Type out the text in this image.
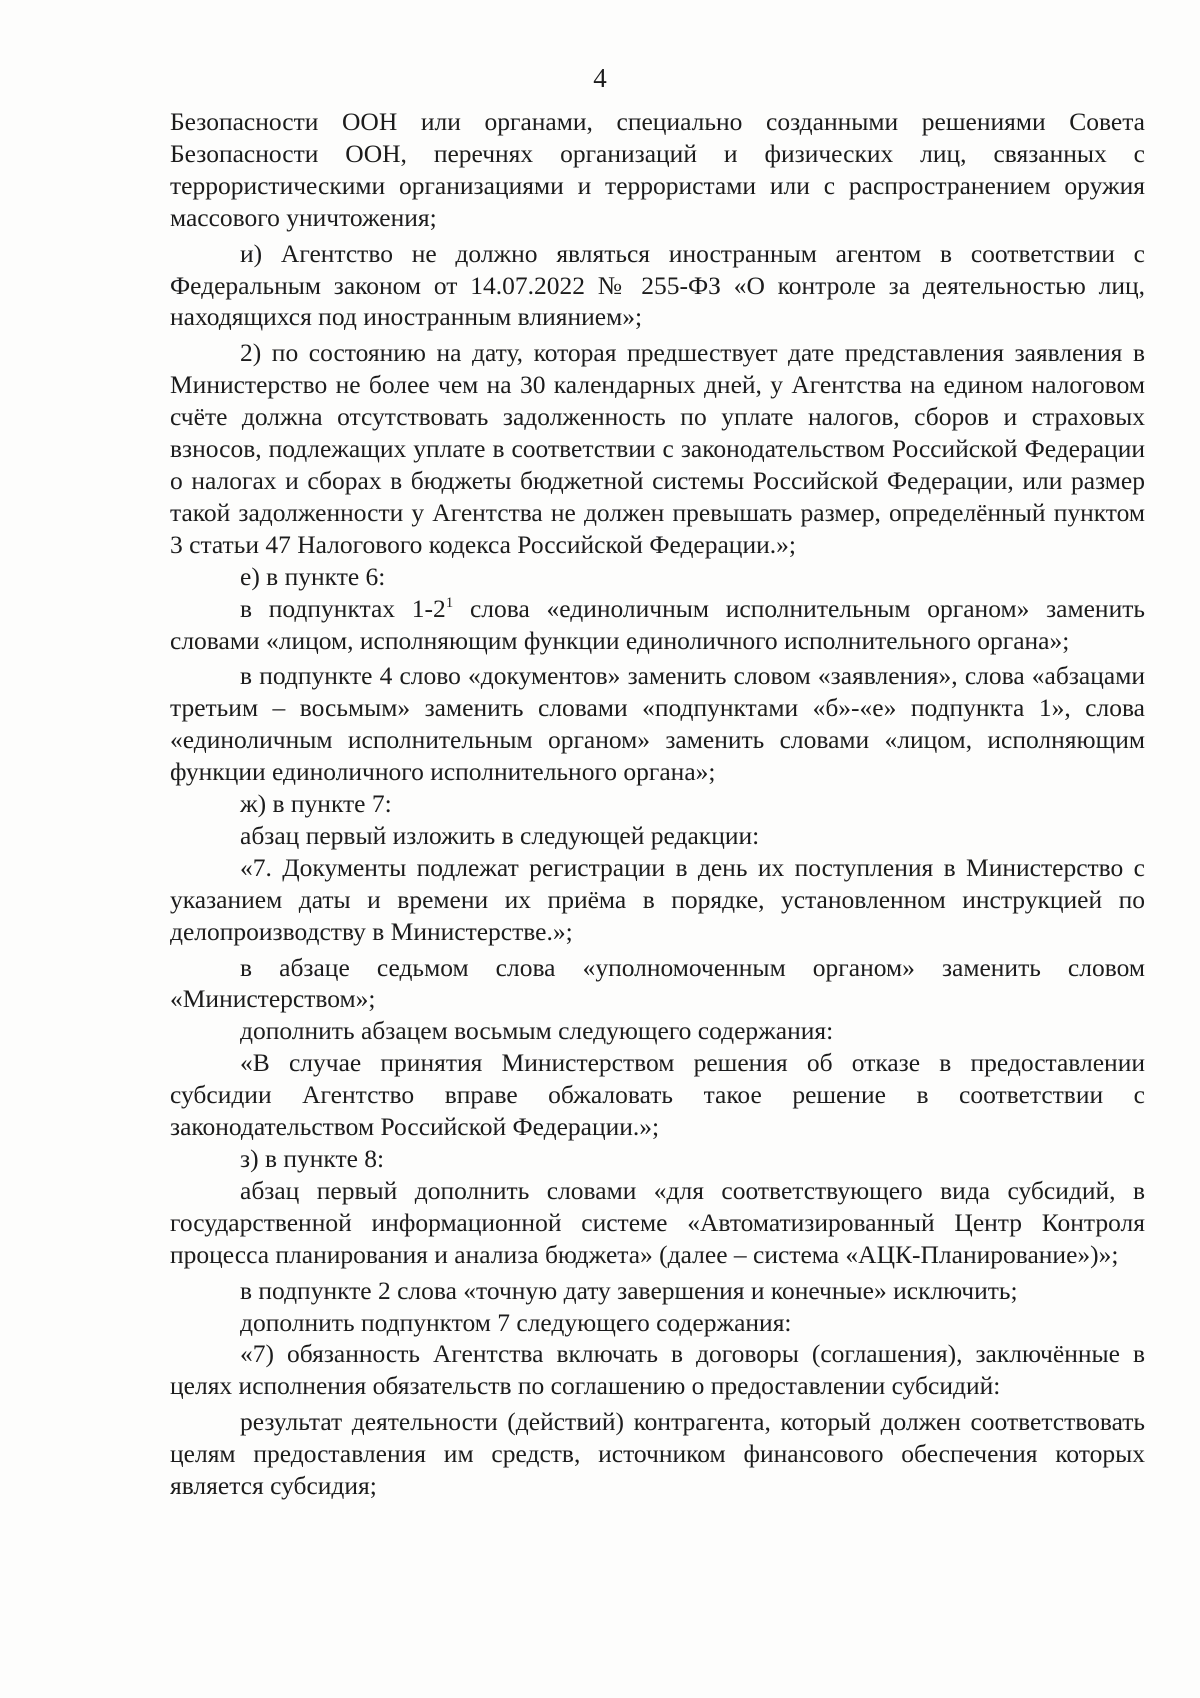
4

Безопасности ООН или органами, специально созданными решениями Совета Безопасности ООН, перечнях организаций и физических лиц, связанных с террористическими организациями и террористами или с распространением оружия массового уничтожения;

и) Агентство не должно являться иностранным агентом в соответствии с Федеральным законом от 14.07.2022 № 255-ФЗ «О контроле за деятельностью лиц, находящихся под иностранным влиянием»;

2) по состоянию на дату, которая предшествует дате представления заявления в Министерство не более чем на 30 календарных дней, у Агентства на едином налоговом счёте должна отсутствовать задолженность по уплате налогов, сборов и страховых взносов, подлежащих уплате в соответствии с законодательством Российской Федерации о налогах и сборах в бюджеты бюджетной системы Российской Федерации, или размер такой задолженности у Агентства не должен превышать размер, определённый пунктом 3 статьи 47 Налогового кодекса Российской Федерации.»;

е) в пункте 6:

в подпунктах $1-2^1$ слова «единоличным исполнительным органом» заменить словами «лицом, исполняющим функции единоличного исполнительного органа»;

в подпункте 4 слово «документов» заменить словом «заявления», слова «абзацами третьим – восьмым» заменить словами «подпунктами «б»-«е» подпункта 1», слова «единоличным исполнительным органом» заменить словами «лицом, исполняющим функции единоличного исполнительного органа»;

ж) в пункте 7:

абзац первый изложить в следующей редакции:

«7. Документы подлежат регистрации в день их поступления в Министерство с указанием даты и времени их приёма в порядке, установленном инструкцией по делопроизводству в Министерстве.»;

в абзаце седьмом слова «уполномоченным органом» заменить словом «Министерством»;

дополнить абзацем восьмым следующего содержания:

«В случае принятия Министерством решения об отказе в предоставлении субсидии Агентство вправе обжаловать такое решение в соответствии с законодательством Российской Федерации.»;

з) в пункте 8:

абзац первый дополнить словами «для соответствующего вида субсидий, в государственной информационной системе «Автоматизированный Центр Контроля процесса планирования и анализа бюджета» (далее – система «АЦК-Планирование»)»;

в подпункте 2 слова «точную дату завершения и конечные» исключить;

дополнить подпунктом 7 следующего содержания:

«7) обязанность Агентства включать в договоры (соглашения), заключённые в целях исполнения обязательств по соглашению о предоставлении субсидий:

результат деятельности (действий) контрагента, который должен соответствовать целям предоставления им средств, источником финансового обеспечения которых является субсидия;
